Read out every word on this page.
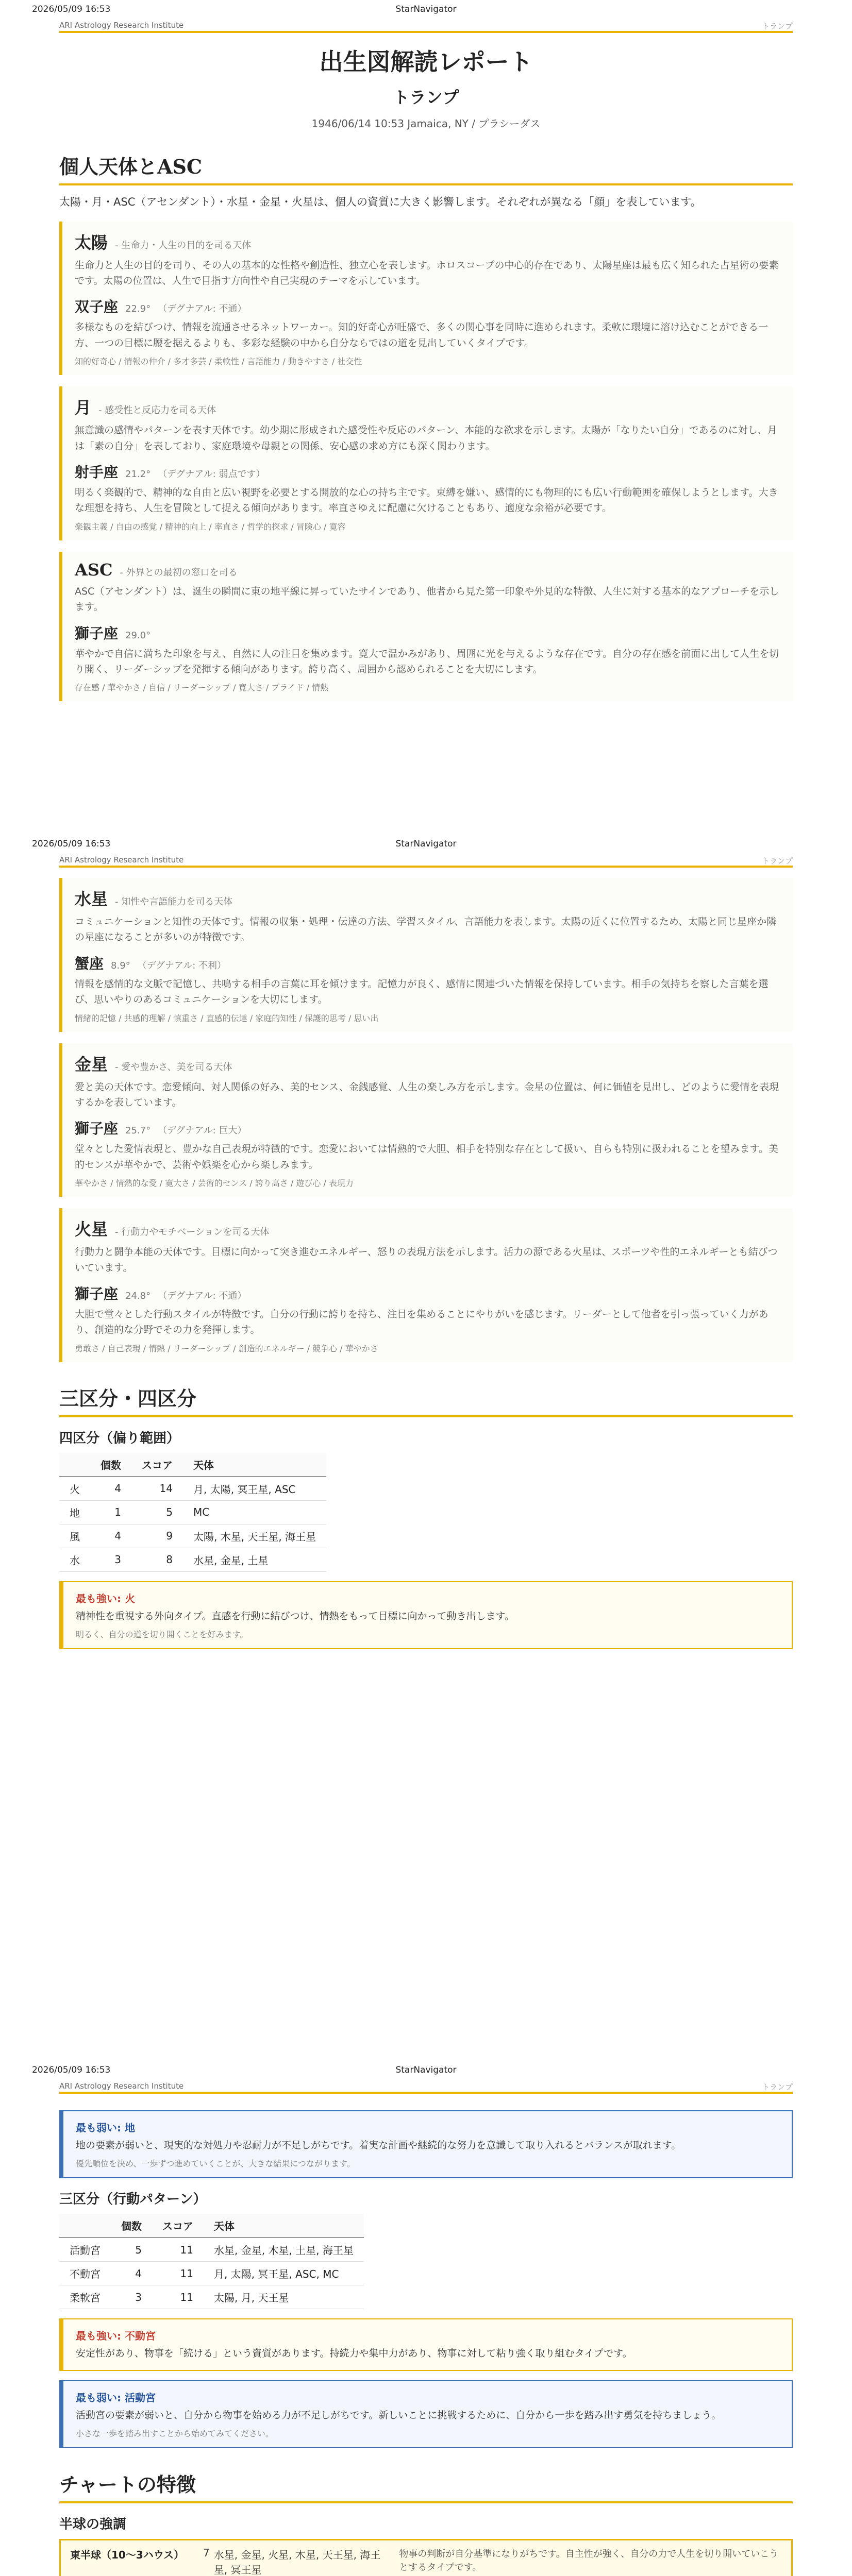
2026/05/09 16:53	StarNavigator
ARI Astrology Research Institute	トランプ
出生図解読レポート
トランプ
1946/06/14 10:53 Jamaica, NY / プラシーダス
個人天体とASC
太陽・月・ASC（アセンダント）・水星・金星・火星は、個人の資質に大きく影響します。それぞれが異なる「顔」を表しています。
太陽 - 生命力・人生の目的を司る天体
生命力と人生の目的を司り、その人の基本的な性格や創造性、独立心を表します。ホロスコープの中心的存在であり、太陽星座は最も広く知られた占星術の要素です。太陽の位置は、人生で目指す方向性や自己実現のテーマを示しています。
双子座 22.9° （デグナアル: 不通）
多様なものを結びつけ、情報を流通させるネットワーカー。知的好奇心が旺盛で、多くの関心事を同時に進められます。柔軟に環境に溶け込むことができる一方、一つの目標に腰を据えるよりも、多彩な経験の中から自分ならではの道を見出していくタイプです。
知的好奇心 / 情報の仲介 / 多才多芸 / 柔軟性 / 言語能力 / 動きやすさ / 社交性
月 - 感受性と反応力を司る天体
無意識の感情やパターンを表す天体です。幼少期に形成された感受性や反応のパターン、本能的な欲求を示します。太陽が「なりたい自分」であるのに対し、月は「素の自分」を表しており、家庭環境や母親との関係、安心感の求め方にも深く関わります。
射手座 21.2° （デグナアル: 弱点です）
明るく楽観的で、精神的な自由と広い視野を必要とする開放的な心の持ち主です。束縛を嫌い、感情的にも物理的にも広い行動範囲を確保しようとします。大きな理想を持ち、人生を冒険として捉える傾向があります。率直さゆえに配慮に欠けることもあり、適度な余裕が必要です。
楽観主義 / 自由の感覚 / 精神的向上 / 率直さ / 哲学的探求 / 冒険心 / 寛容
ASC - 外界との最初の窓口を司る
ASC（アセンダント）は、誕生の瞬間に東の地平線に昇っていたサインであり、他者から見た第一印象や外見的な特徴、人生に対する基本的なアプローチを示します。
獅子座 29.0°
華やかで自信に満ちた印象を与え、自然に人の注目を集めます。寛大で温かみがあり、周囲に光を与えるような存在です。自分の存在感を前面に出して人生を切り開く、リーダーシップを発揮する傾向があります。誇り高く、周囲から認められることを大切にします。
存在感 / 華やかさ / 自信 / リーダーシップ / 寛大さ / プライド / 情熱
2026/05/09 16:53	StarNavigator
ARI Astrology Research Institute	トランプ
水星 - 知性や言語能力を司る天体
コミュニケーションと知性の天体です。情報の収集・処理・伝達の方法、学習スタイル、言語能力を表します。太陽の近くに位置するため、太陽と同じ星座か隣の星座になることが多いのが特徴です。
蟹座 8.9° （デグナアル: 不利）
情報を感情的な文脈で記憶し、共鳴する相手の言葉に耳を傾けます。記憶力が良く、感情に関連づいた情報を保持しています。相手の気持ちを察した言葉を選び、思いやりのあるコミュニケーションを大切にします。
情緒的記憶 / 共感的理解 / 慎重さ / 直感的伝達 / 家庭的知性 / 保護的思考 / 思い出
金星 - 愛や豊かさ、美を司る天体
愛と美の天体です。恋愛傾向、対人関係の好み、美的センス、金銭感覚、人生の楽しみ方を示します。金星の位置は、何に価値を見出し、どのように愛情を表現するかを表しています。
獅子座 25.7° （デグナアル: 巨大）
堂々とした愛情表現と、豊かな自己表現が特徴的です。恋愛においては情熱的で大胆、相手を特別な存在として扱い、自らも特別に扱われることを望みます。美的センスが華やかで、芸術や娯楽を心から楽しみます。
華やかさ / 情熱的な愛 / 寛大さ / 芸術的センス / 誇り高さ / 遊び心 / 表現力
火星 - 行動力やモチベーションを司る天体
行動力と闘争本能の天体です。目標に向かって突き進むエネルギー、怒りの表現方法を示します。活力の源である火星は、スポーツや性的エネルギーとも結びついています。
獅子座 24.8° （デグナアル: 不通）
大胆で堂々とした行動スタイルが特徴です。自分の行動に誇りを持ち、注目を集めることにやりがいを感じます。リーダーとして他者を引っ張っていく力があり、創造的な分野でその力を発揮します。
勇敢さ / 自己表現 / 情熱 / リーダーシップ / 創造的エネルギー / 競争心 / 華やかさ
三区分・四区分
四区分（偏り範囲）
	個数	スコア	天体
火	4	14	月, 太陽, 冥王星, ASC
地	1	5	MC
風	4	9	太陽, 木星, 天王星, 海王星
水	3	8	水星, 金星, 土星
最も強い: 火
精神性を重視する外向タイプ。直感を行動に結びつけ、情熱をもって目標に向かって動き出します。
明るく、自分の道を切り開くことを好みます。
2026/05/09 16:53	StarNavigator
ARI Astrology Research Institute	トランプ
最も弱い: 地
地の要素が弱いと、現実的な対処力や忍耐力が不足しがちです。着実な計画や継続的な努力を意識して取り入れるとバランスが取れます。
優先順位を決め、一歩ずつ進めていくことが、大きな結果につながります。
三区分（行動パターン）
	個数	スコア	天体
活動宮	5	11	水星, 金星, 木星, 土星, 海王星
不動宮	4	11	月, 太陽, 冥王星, ASC, MC
柔軟宮	3	11	太陽, 月, 天王星
最も強い: 不動宮
安定性があり、物事を「続ける」という資質があります。持続力や集中力があり、物事に対して粘り強く取り組むタイプです。
最も弱い: 活動宮
活動宮の要素が弱いと、自分から物事を始める力が不足しがちです。新しいことに挑戦するために、自分から一歩を踏み出す勇気を持ちましょう。
小さな一歩を踏み出すことから始めてみてください。
チャートの特徴
半球の強調
東半球（10〜3ハウス）	7 水星, 金星, 火星, 木星, 天王星, 海王星, 冥王星
物事の判断が自分基準になりがちです。自主性が強く、自分の力で人生を切り開いていこうとするタイプです。
